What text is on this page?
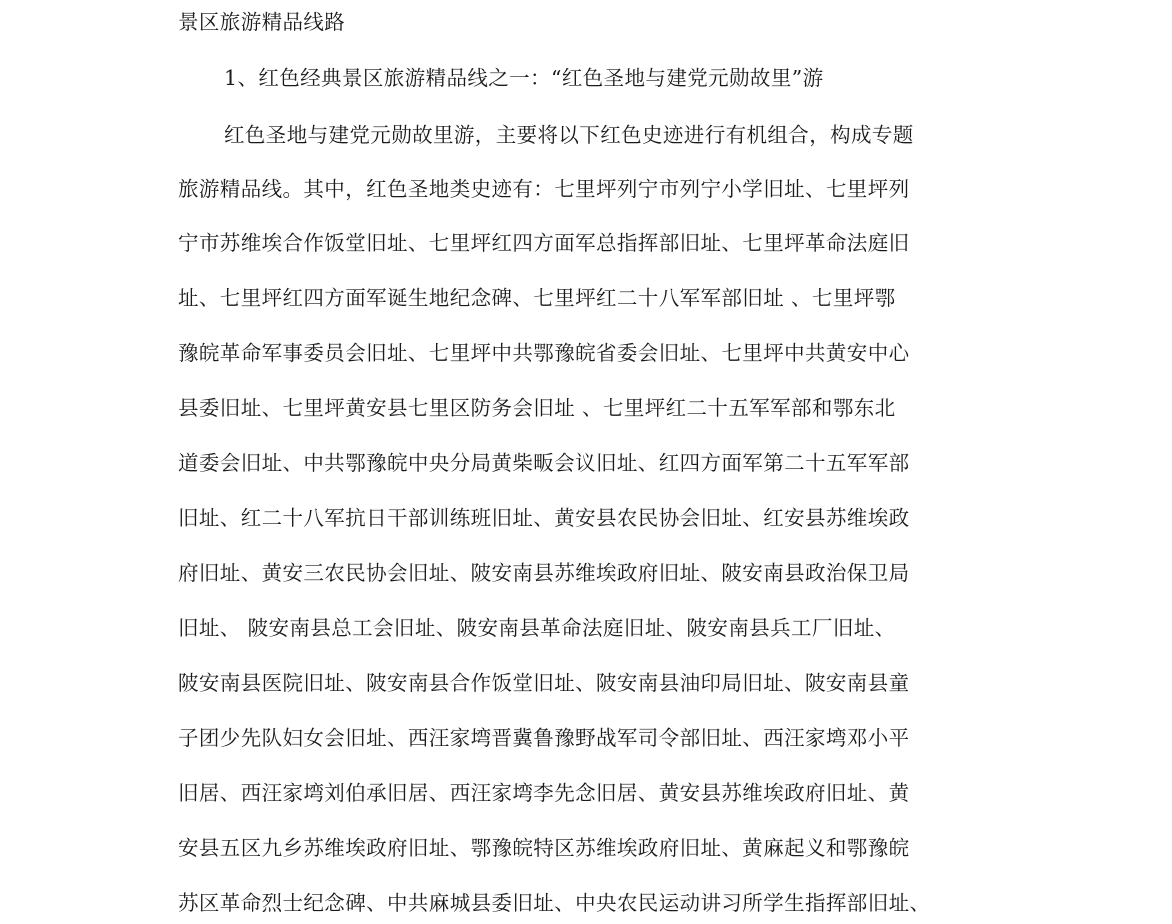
景区旅游精品线路
1、红色经典景区旅游精品线之一：“红色圣地与建党元勋故里”游
红色圣地与建党元勋故里游，主要将以下红色史迹进行有机组合，构成专题
旅游精品线。其中，红色圣地类史迹有：七里坪列宁市列宁小学旧址、七里坪列
宁市苏维埃合作饭堂旧址、七里坪红四方面军总指挥部旧址、七里坪革命法庭旧
址、七里坪红四方面军诞生地纪念碑、七里坪红二十八军军部旧址 、七里坪鄂
豫皖革命军事委员会旧址、七里坪中共鄂豫皖省委会旧址、七里坪中共黄安中心
县委旧址、七里坪黄安县七里区防务会旧址 、七里坪红二十五军军部和鄂东北
道委会旧址、中共鄂豫皖中央分局黄柴畈会议旧址、红四方面军第二十五军军部
旧址、红二十八军抗日干部训练班旧址、黄安县农民协会旧址、红安县苏维埃政
府旧址、黄安三农民协会旧址、陂安南县苏维埃政府旧址、陂安南县政治保卫局
旧址、 陂安南县总工会旧址、陂安南县革命法庭旧址、陂安南县兵工厂旧址、
陂安南县医院旧址、陂安南县合作饭堂旧址、陂安南县油印局旧址、陂安南县童
子团少先队妇女会旧址、西汪家塆晋冀鲁豫野战军司令部旧址、西汪家塆邓小平
旧居、西汪家塆刘伯承旧居、西汪家塆李先念旧居、黄安县苏维埃政府旧址、黄
安县五区九乡苏维埃政府旧址、鄂豫皖特区苏维埃政府旧址、黄麻起义和鄂豫皖
苏区革命烈士纪念碑、中共麻城县委旧址、中央农民运动讲习所学生指挥部旧址、
